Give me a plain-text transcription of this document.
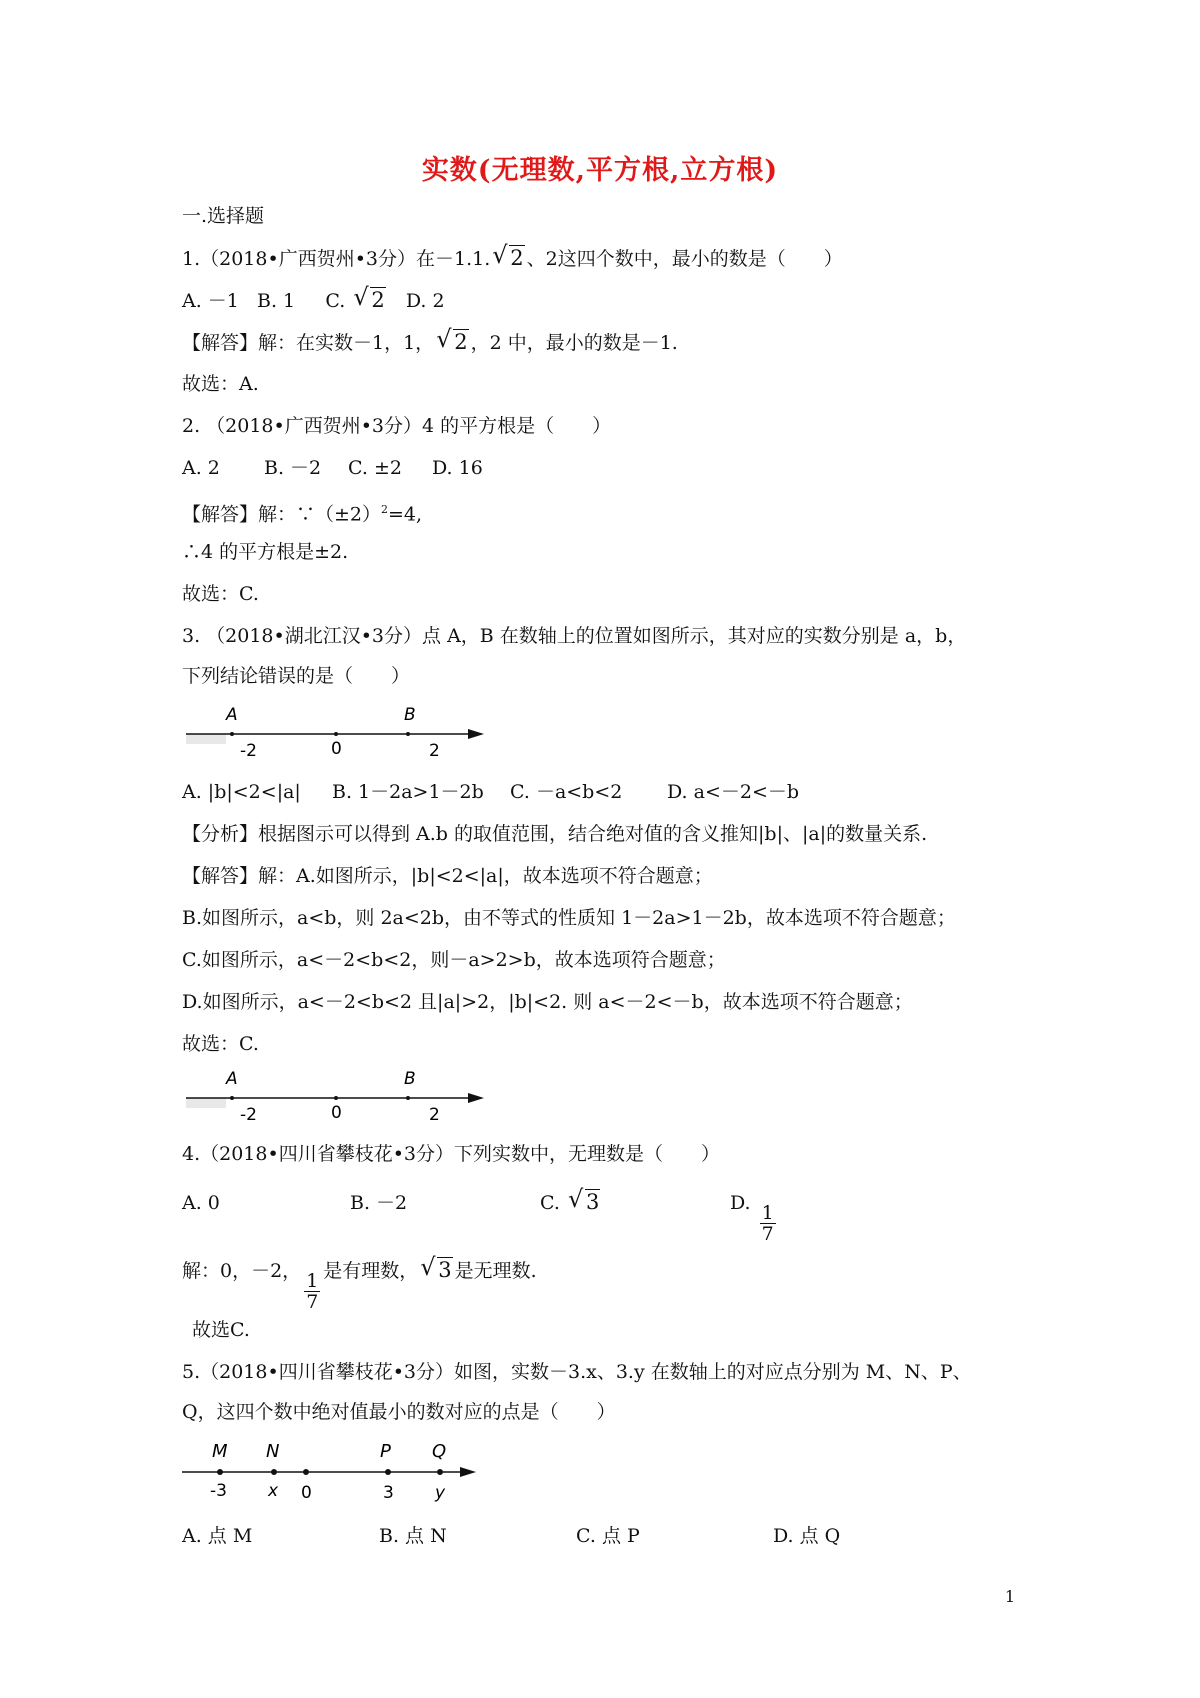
实数(无理数,平方根,立方根)
一.选择题
1.（2018•广西贺州•3分）在－1.1. √ 2 、2这四个数中，最小的数是（　　）
A. －1 B. 1 C. √ 2 D. 2
【解答】解：在实数－1，1， √ 2 ，2 中，最小的数是－1.
故选：A.
2. （2018•广西贺州•3分）4 的平方根是（　　）
A. 2 B. －2 C. ±2 D. 16
【解答】解：$\because(\pm 2)^2=4$,
∴4 的平方根是±2.
故选：C.
3. （2018•湖北江汉•3分）点 A，B 在数轴上的位置如图所示，其对应的实数分别是 a，b，
下列结论错误的是（　　）
A	B
-2	0	2
A. |b|<2<|a| B. 1－2a>1－2b C. －a<b<2 D. a<－2<－b
【分析】根据图示可以得到 A.b 的取值范围，结合绝对值的含义推知|b|、|a|的数量关系.
【解答】解：A.如图所示，|b|<2<|a|，故本选项不符合题意；
B.如图所示，a<b，则 2a<2b，由不等式的性质知 1－2a>1－2b，故本选项不符合题意；
C.如图所示，a<－2<b<2，则－a>2>b，故本选项符合题意；
D.如图所示，a<－2<b<2 且|a|>2，|b|<2. 则 a<－2<－b，故本选项不符合题意；
故选：C.
A	B
-2	0	2
4.（2018•四川省攀枝花•3分）下列实数中，无理数是（　　）
A. 0	B. －2	C. √ 3	D. $\frac{1}{7}$
解：0，－2， $\frac{1}{7}$ 是有理数， √ 3 是无理数.
故选C.
5.（2018•四川省攀枝花•3分）如图，实数－3.x、3.y 在数轴上的对应点分别为 M、N、P、
Q，这四个数中绝对值最小的数对应的点是（　　）
M N	P Q
-3 x 0	3 y
A. 点 M	B. 点 N	C. 点 P	D. 点 Q
1
